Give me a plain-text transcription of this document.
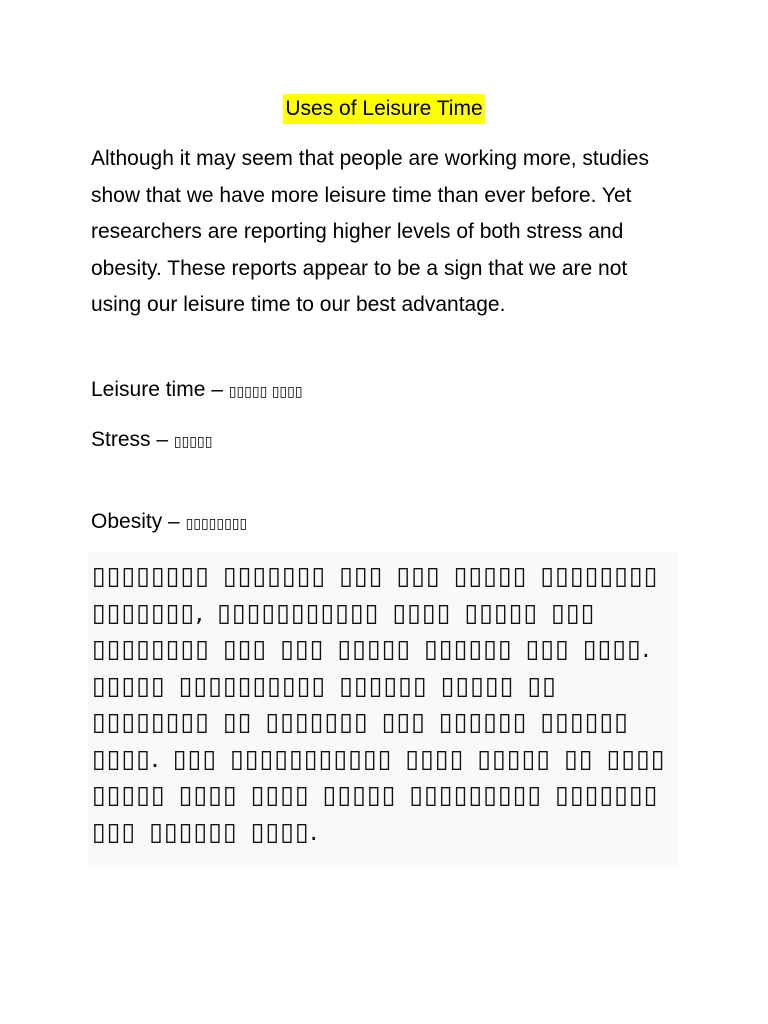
Uses of Leisure Time

Although it may seem that people are working more, studies show that we have more leisure time than ever before. Yet researchers are reporting higher levels of both stress and obesity. These reports appear to be a sign that we are not using our leisure time to our best advantage.

Leisure time – ▯▯▯▯▯ ▯▯▯▯
Stress – ▯▯▯▯▯
Obesity – ▯▯▯▯▯▯▯▯

▯▯▯▯▯▯▯▯ ▯▯▯▯▯▯▯ ▯▯▯ ▯▯▯ ▯▯▯▯▯ ▯▯▯▯▯▯▯▯ ▯▯▯▯▯▯▯, ▯▯▯▯▯▯▯▯▯▯▯ ▯▯▯▯ ▯▯▯▯▯ ▯▯▯ ▯▯▯▯▯▯▯▯ ▯▯▯ ▯▯▯ ▯▯▯▯▯ ▯▯▯▯▯▯ ▯▯▯ ▯▯▯▯. ▯▯▯▯▯ ▯▯▯▯▯▯▯▯▯▯ ▯▯▯▯▯▯ ▯▯▯▯▯ ▯▯ ▯▯▯▯▯▯▯▯ ▯▯ ▯▯▯▯▯▯▯ ▯▯▯ ▯▯▯▯▯▯ ▯▯▯▯▯▯ ▯▯▯▯. ▯▯▯ ▯▯▯▯▯▯▯▯▯▯▯ ▯▯▯▯ ▯▯▯▯▯ ▯▯ ▯▯▯▯ ▯▯▯▯▯ ▯▯▯▯ ▯▯▯▯ ▯▯▯▯▯ ▯▯▯▯▯▯▯▯▯ ▯▯▯▯▯▯▯ ▯▯▯ ▯▯▯▯▯▯ ▯▯▯▯.
